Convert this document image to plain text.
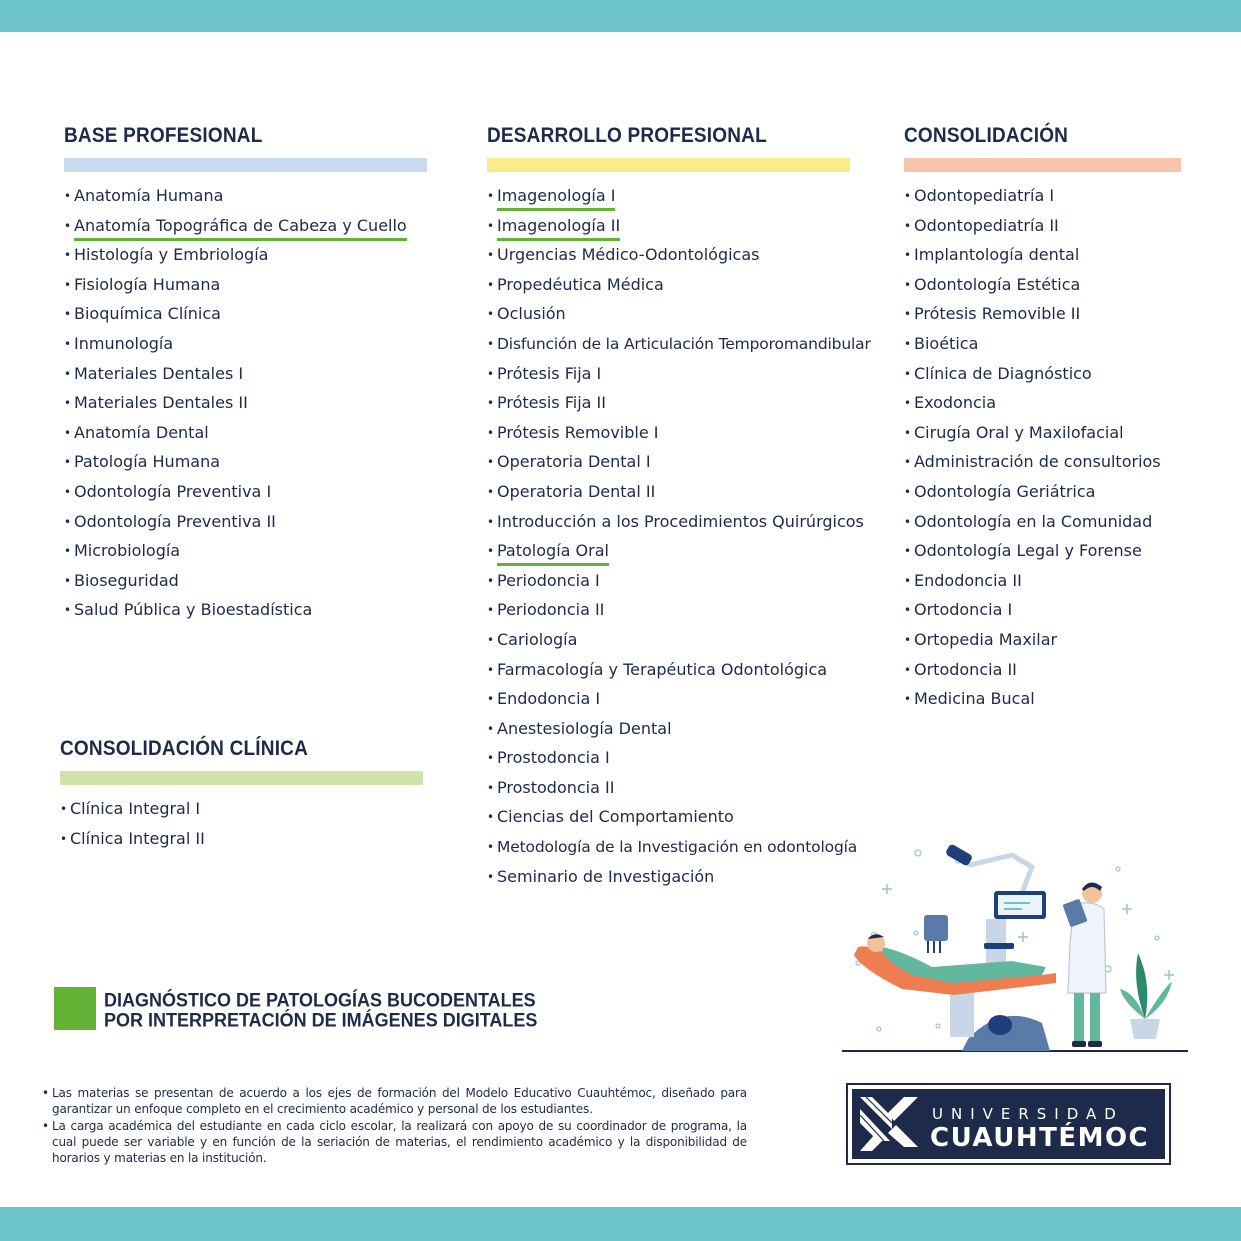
BASE PROFESIONAL
• Anatomía Humana
• Anatomía Topográfica de Cabeza y Cuello
• Histología y Embriología
• Fisiología Humana
• Bioquímica Clínica
• Inmunología
• Materiales Dentales I
• Materiales Dentales II
• Anatomía Dental
• Patología Humana
• Odontología Preventiva I
• Odontología Preventiva II
• Microbiología
• Bioseguridad
• Salud Pública y Bioestadística
DESARROLLO PROFESIONAL
• Imagenología I
• Imagenología II
• Urgencias Médico-Odontológicas
• Propedéutica Médica
• Oclusión
• Disfunción de la Articulación Temporomandibular
• Prótesis Fija I
• Prótesis Fija II
• Prótesis Removible I
• Operatoria Dental I
• Operatoria Dental II
• Introducción a los Procedimientos Quirúrgicos
• Patología Oral
• Periodoncia I
• Periodoncia II
• Cariología
• Farmacología y Terapéutica Odontológica
• Endodoncia I
• Anestesiología Dental
• Prostodoncia I
• Prostodoncia II
• Ciencias del Comportamiento
• Metodología de la Investigación en odontología
• Seminario de Investigación
CONSOLIDACIÓN
• Odontopediatría I
• Odontopediatría II
• Implantología dental
• Odontología Estética
• Prótesis Removible II
• Bioética
• Clínica de Diagnóstico
• Exodoncia
• Cirugía Oral y Maxilofacial
• Administración de consultorios
• Odontología Geriátrica
• Odontología en la Comunidad
• Odontología Legal y Forense
• Endodoncia II
• Ortodoncia I
• Ortopedia Maxilar
• Ortodoncia II
• Medicina Bucal
CONSOLIDACIÓN CLÍNICA
• Clínica Integral I
• Clínica Integral II
DIAGNÓSTICO DE PATOLOGÍAS BUCODENTALES
POR INTERPRETACIÓN DE IMÁGENES DIGITALES

• Las materias se presentan de acuerdo a los ejes de formación del Modelo Educativo Cuauhtémoc, diseñado para garantizar un enfoque completo en el crecimiento académico y personal de los estudiantes.

• La carga académica del estudiante en cada ciclo escolar, la realizará con apoyo de su coordinador de programa, la cual puede ser variable y en función de la seriación de materias, el rendimiento académico y la disponibilidad de horarios y materias en la institución.

UNIVERSIDAD
CUAUHTÉMOC
